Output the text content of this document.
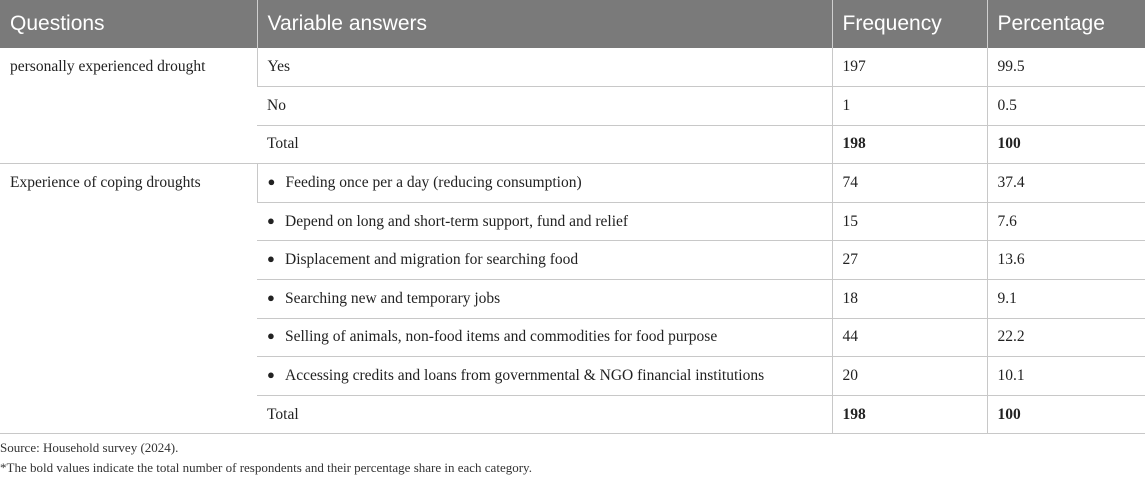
Questions	Variable answers	Frequency	Percentage
personally experienced drought	Yes	197	99.5
	No	1	0.5
	Total	198	100
Experience of coping droughts	● Feeding once per a day (reducing consumption)	74	37.4
	● Depend on long and short-term support, fund and relief	15	7.6
	● Displacement and migration for searching food	27	13.6
	● Searching new and temporary jobs	18	9.1
	● Selling of animals, non-food items and commodities for food purpose	44	22.2
	● Accessing credits and loans from governmental & NGO financial institutions	20	10.1
	Total	198	100
Source: Household survey (2024).
*The bold values indicate the total number of respondents and their percentage share in each category.
